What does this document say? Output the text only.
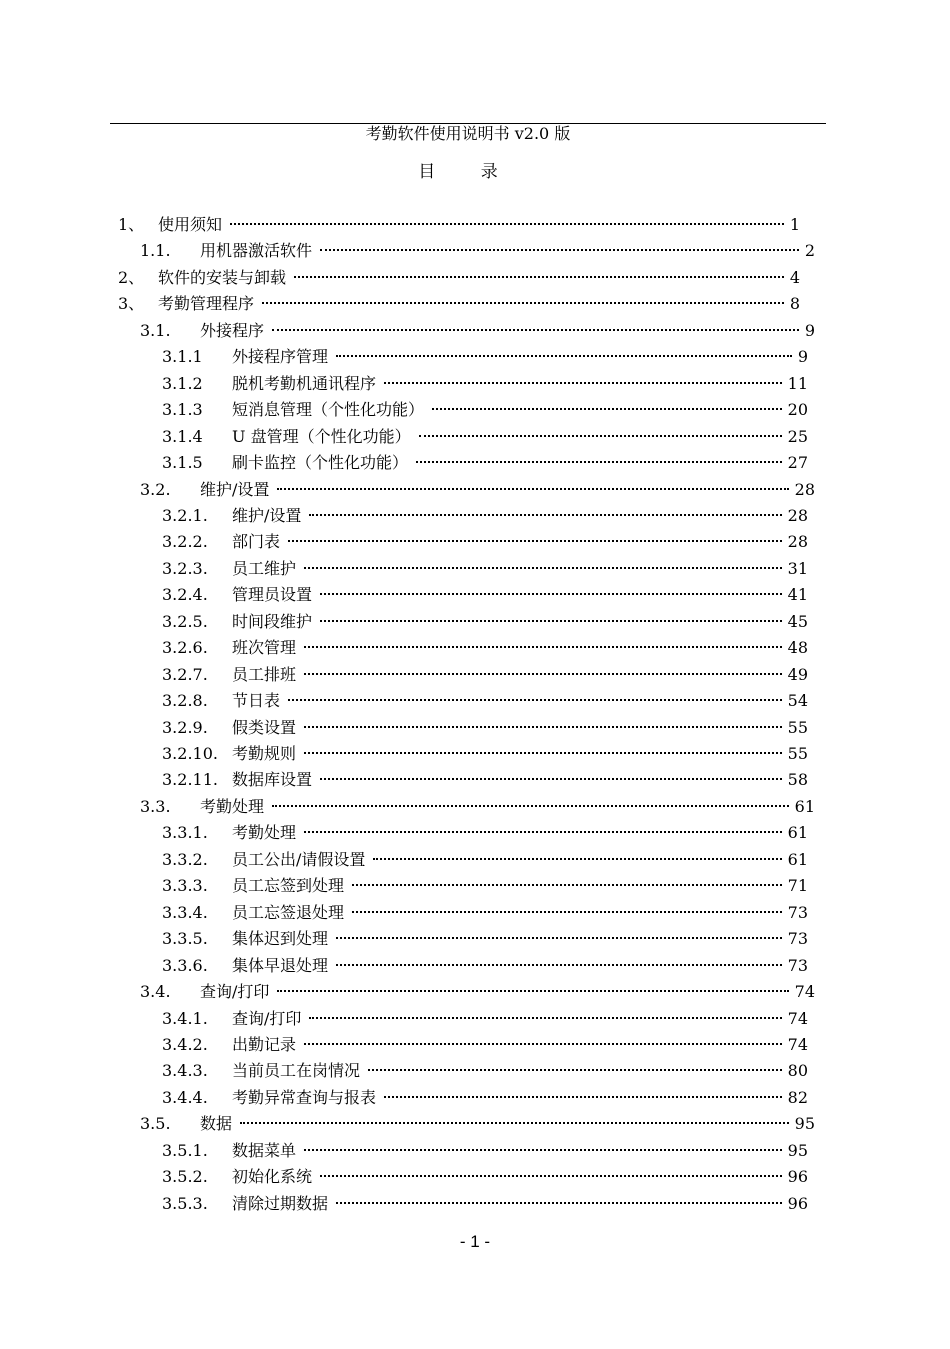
考勤软件使用说明书 v2.0 版
目 录
1、 使用须知	1
1.1.	用机器激活软件	2
2、 软件的安装与卸载	4
3、 考勤管理程序	8
3.1.	外接程序	9
3.1.1	外接程序管理	9
3.1.2	脱机考勤机通讯程序	11
3.1.3	短消息管理（个性化功能）	20
3.1.4	U 盘管理（个性化功能）	25
3.1.5	刷卡监控（个性化功能）	27
3.2.	维护/设置	28
3.2.1.	维护/设置	28
3.2.2.	部门表	28
3.2.3.	员工维护	31
3.2.4.	管理员设置	41
3.2.5.	时间段维护	45
3.2.6.	班次管理	48
3.2.7.	员工排班	49
3.2.8.	节日表	54
3.2.9.	假类设置	55
3.2.10. 考勤规则	55
3.2.11. 数据库设置	58
3.3.	考勤处理	61
3.3.1.	考勤处理	61
3.3.2.	员工公出/请假设置	61
3.3.3.	员工忘签到处理	71
3.3.4.	员工忘签退处理	73
3.3.5.	集体迟到处理	73
3.3.6.	集体早退处理	73
3.4.	查询/打印	74
3.4.1.	查询/打印	74
3.4.2.	出勤记录	74
3.4.3.	当前员工在岗情况	80
3.4.4.	考勤异常查询与报表	82
3.5.	数据	95
3.5.1.	数据菜单	95
3.5.2.	初始化系统	96
3.5.3.	清除过期数据	96
- 1 -
